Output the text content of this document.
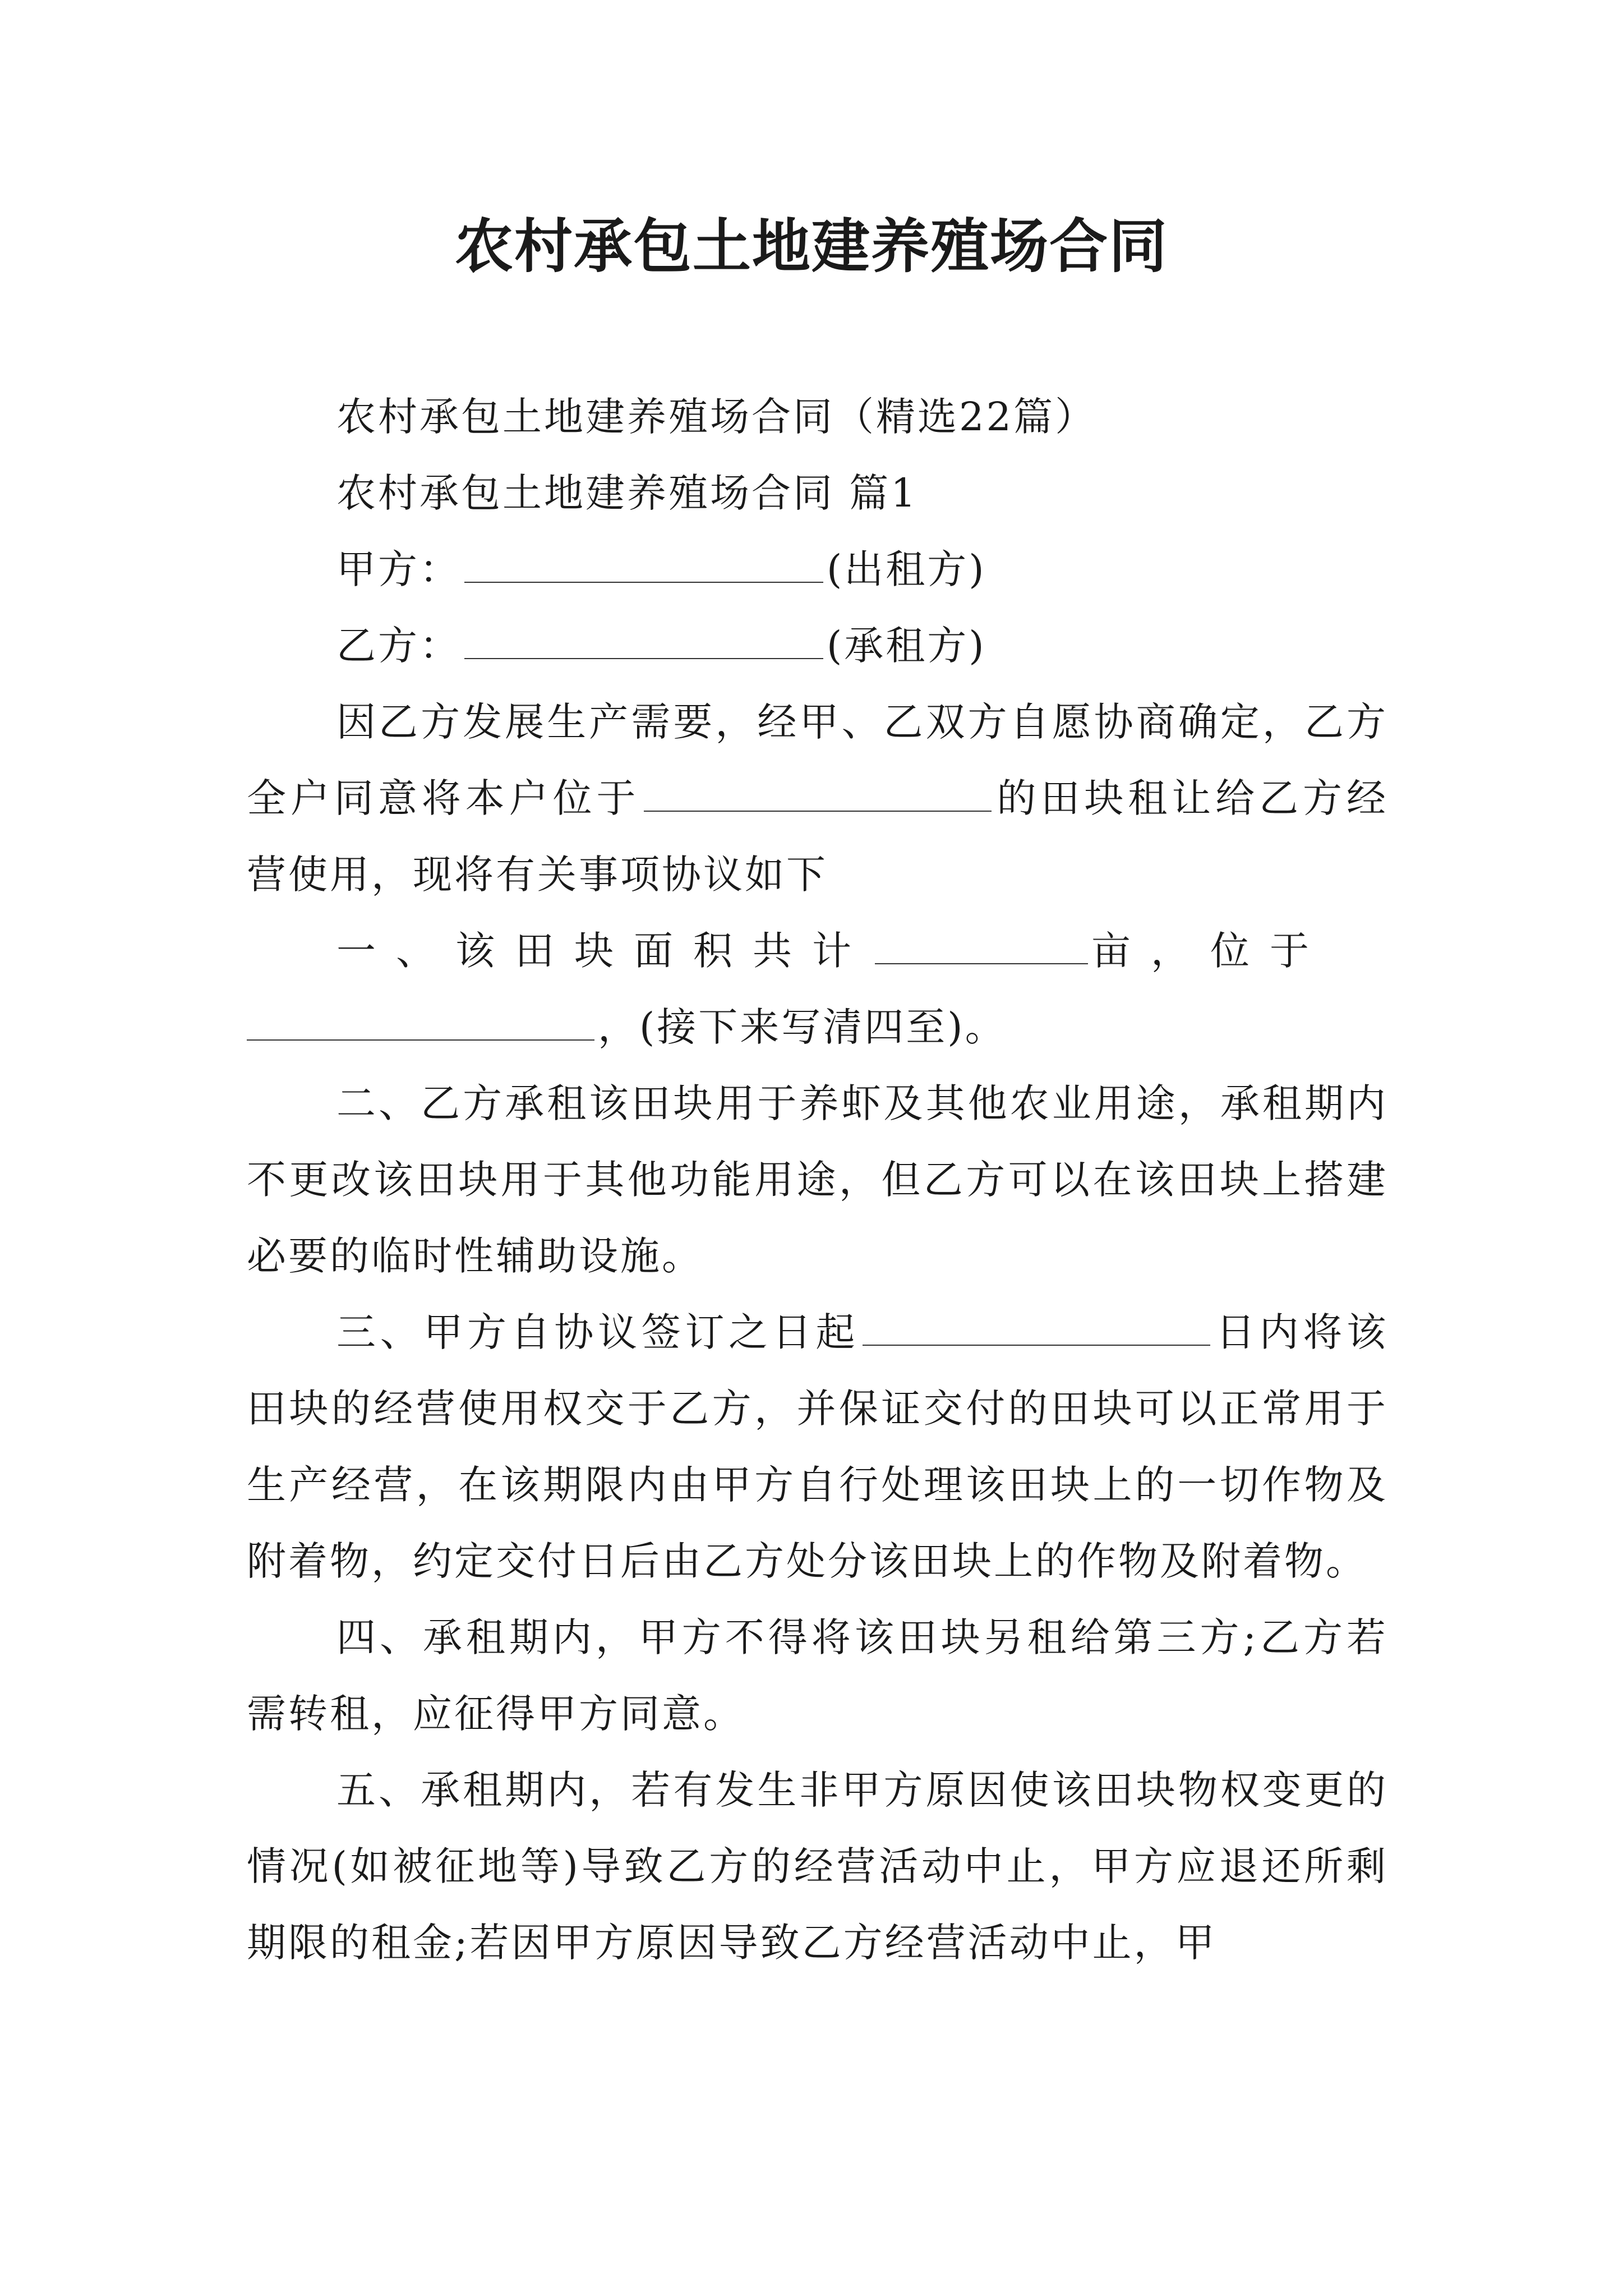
农村承包土地建养殖场合同

农村承包土地建养殖场合同（精选22篇）

农村承包土地建养殖场合同 篇1

甲方：	(出租方)

乙方：	(承租方)

因乙方发展生产需要，经甲、乙双方自愿协商确定，乙方全户同意将本户位于	的田块租让给乙方经营使用，现将有关事项协议如下

一、该田块面积共计	亩，位于

，(接下来写清四至)。

二、乙方承租该田块用于养虾及其他农业用途，承租期内不更改该田块用于其他功能用途，但乙方可以在该田块上搭建必要的临时性辅助设施。

三、甲方自协议签订之日起	日内将该田块的经营使用权交于乙方，并保证交付的田块可以正常用于生产经营，在该期限内由甲方自行处理该田块上的一切作物及附着物，约定交付日后由乙方处分该田块上的作物及附着物。

四、承租期内，甲方不得将该田块另租给第三方;乙方若需转租，应征得甲方同意。

五、承租期内，若有发生非甲方原因使该田块物权变更的情况(如被征地等)导致乙方的经营活动中止，甲方应退还所剩期限的租金;若因甲方原因导致乙方经营活动中止，甲
